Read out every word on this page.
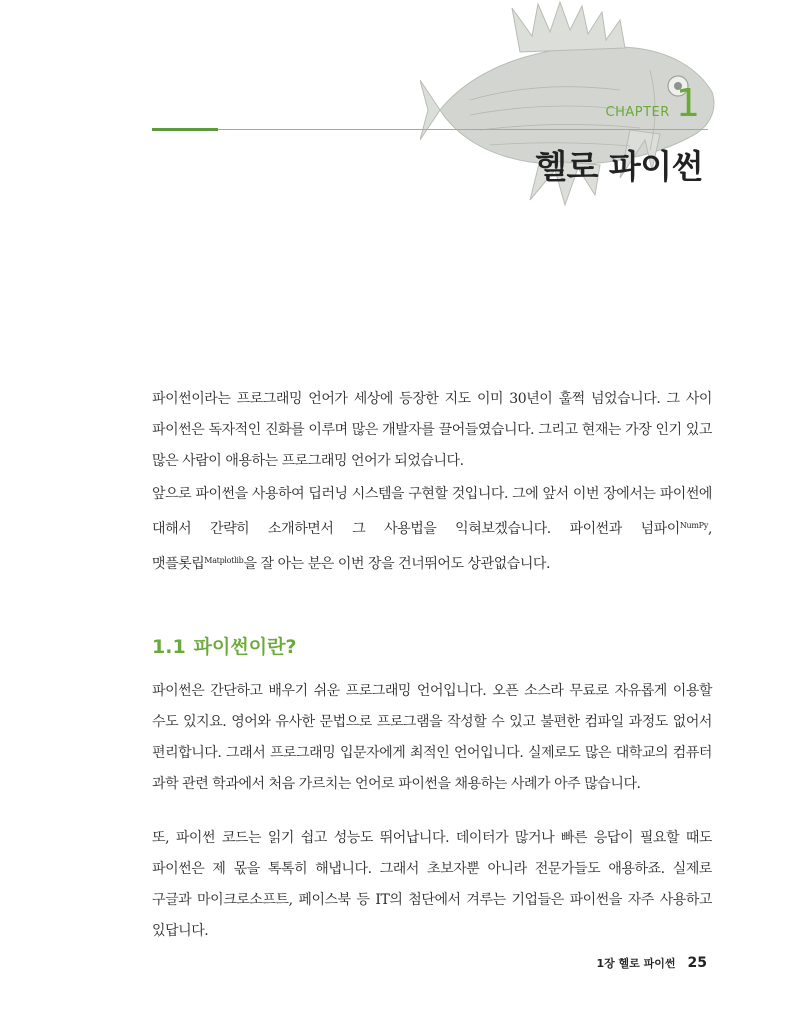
CHAPTER 1
헬로 파이썬

파이썬이라는 프로그래밍 언어가 세상에 등장한 지도 이미 30년이 훌쩍 넘었습니다. 그 사이 파이썬은 독자적인 진화를 이루며 많은 개발자를 끌어들였습니다. 그리고 현재는 가장 인기 있고 많은 사람이 애용하는 프로그래밍 언어가 되었습니다.

앞으로 파이썬을 사용하여 딥러닝 시스템을 구현할 것입니다. 그에 앞서 이번 장에서는 파이썬에 대해서 간략히 소개하면서 그 사용법을 익혀보겠습니다. 파이썬과 넘파이$^{NumPy}$, 맷플롯립$^{Matplotlib}$을 잘 아는 분은 이번 장을 건너뛰어도 상관없습니다.

1.1 파이썬이란?

파이썬은 간단하고 배우기 쉬운 프로그래밍 언어입니다. 오픈 소스라 무료로 자유롭게 이용할 수도 있지요. 영어와 유사한 문법으로 프로그램을 작성할 수 있고 불편한 컴파일 과정도 없어서 편리합니다. 그래서 프로그래밍 입문자에게 최적인 언어입니다. 실제로도 많은 대학교의 컴퓨터 과학 관련 학과에서 처음 가르치는 언어로 파이썬을 채용하는 사례가 아주 많습니다.

또, 파이썬 코드는 읽기 쉽고 성능도 뛰어납니다. 데이터가 많거나 빠른 응답이 필요할 때도 파이썬은 제 몫을 톡톡히 해냅니다. 그래서 초보자뿐 아니라 전문가들도 애용하죠. 실제로 구글과 마이크로소프트, 페이스북 등 IT의 첨단에서 겨루는 기업들은 파이썬을 자주 사용하고 있답니다.

1장 헬로 파이썬 25
